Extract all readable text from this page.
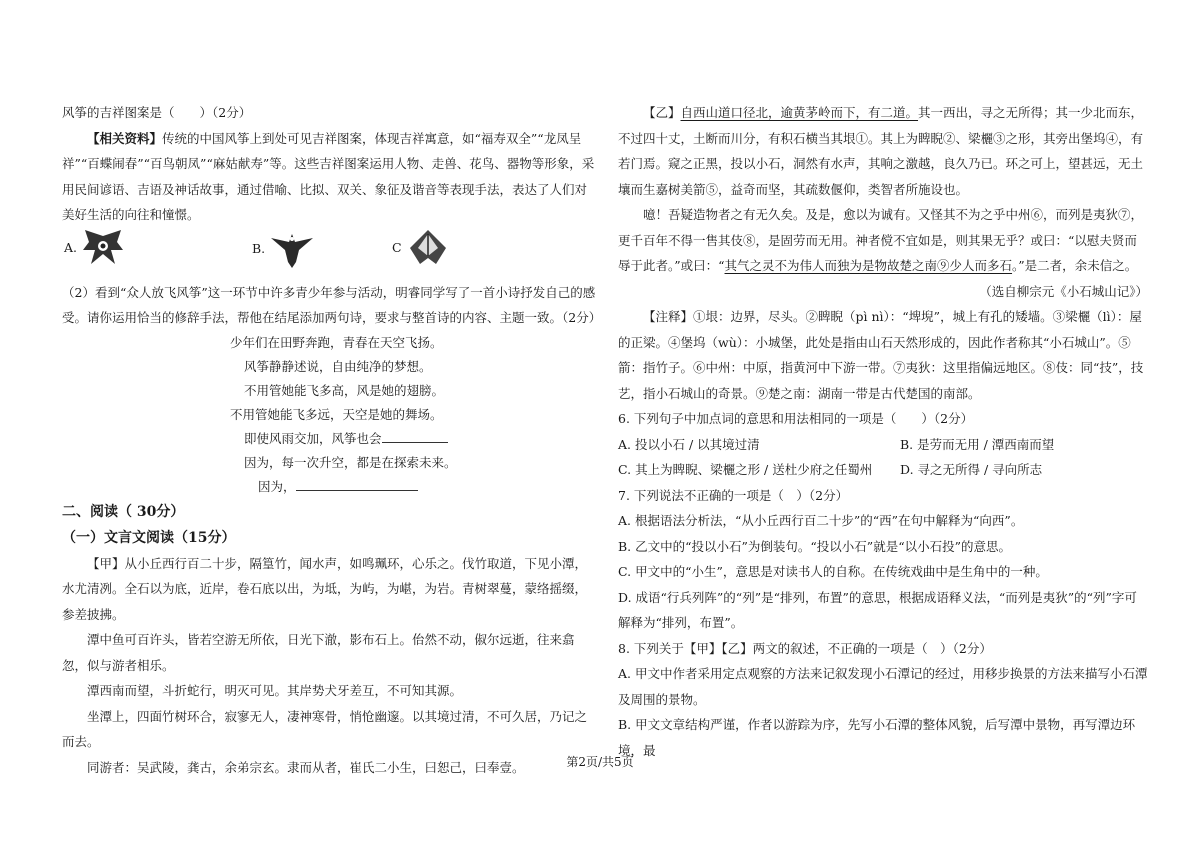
风筝的吉祥图案是（　　）（2分）

【相关资料】传统的中国风筝上到处可见吉祥图案，体现吉祥寓意，如“福寿双全”“龙凤呈祥”“百蝶闹春”“百鸟朝凤”“麻姑献寿”等。这些吉祥图案运用人物、走兽、花鸟、器物等形象，采用民间谚语、吉语及神话故事，通过借喻、比拟、双关、象征及谐音等表现手法，表达了人们对美好生活的向往和憧憬。

A.	B.	C

（2）看到“众人放飞风筝”这一环节中许多青少年参与活动，明睿同学写了一首小诗抒发自己的感受。请你运用恰当的修辞手法，帮他在结尾添加两句诗，要求与整首诗的内容、主题一致。（2分）

少年们在田野奔跑，青春在天空飞扬。

风筝静静述说，自由纯净的梦想。

不用管她能飞多高，风是她的翅膀。

不用管她能飞多远，天空是她的舞场。

即使风雨交加，风筝也会

因为，每一次升空，都是在探索未来。

因为，

二、阅读（ 30分）

（一）文言文阅读（15分）

【甲】从小丘西行百二十步，隔篁竹，闻水声，如鸣珮环，心乐之。伐竹取道，下见小潭，水尤清冽。全石以为底，近岸，卷石底以出，为坻，为屿，为嵁，为岩。青树翠蔓，蒙络摇缀，参差披拂。

潭中鱼可百许头，皆若空游无所依，日光下澈，影布石上。佁然不动，俶尔远逝，往来翕忽，似与游者相乐。

潭西南而望，斗折蛇行，明灭可见。其岸势犬牙差互，不可知其源。

坐潭上，四面竹树环合，寂寥无人，凄神寒骨，悄怆幽邃。以其境过清，不可久居，乃记之而去。

同游者：吴武陵，龚古，余弟宗玄。隶而从者，崔氏二小生，曰恕己，曰奉壹。

【乙】自西山道口径北，逾黄茅岭而下，有二道。其一西出，寻之无所得；其一少北而东，不过四十丈，土断而川分，有积石横当其垠①。其上为睥睨②、梁欐③之形，其旁出堡坞④，有若门焉。窥之正黑，投以小石，洞然有水声，其响之激越，良久乃已。环之可上，望甚远，无土壤而生嘉树美箭⑤，益奇而坚，其疏数偃仰，类智者所施设也。

噫！吾疑造物者之有无久矣。及是，愈以为诚有。又怪其不为之乎中州⑥，而列是夷狄⑦，更千百年不得一售其伎⑧，是固劳而无用。神者傥不宜如是，则其果无乎？或曰：“以慰夫贤而辱于此者。”或曰：“其气之灵不为伟人而独为是物故楚之南⑨少人而多石。”是二者，余未信之。

（选自柳宗元《小石城山记》）

【注释】①垠：边界，尽头。②睥睨（pì nì）：“埤堄”，城上有孔的矮墙。③梁欐（lì）：屋的正梁。④堡坞（wù）：小城堡，此处是指由山石天然形成的，因此作者称其“小石城山”。⑤箭：指竹子。⑥中州：中原，指黄河中下游一带。⑦夷狄：这里指偏远地区。⑧伎：同“技”，技艺，指小石城山的奇景。⑨楚之南：湖南一带是古代楚国的南部。

6. 下列句子中加点词的意思和用法相同的一项是（　　）（2分）

A. 投以小石 / 以其境过清	B. 是劳而无用 / 潭西南而望
C. 其上为睥睨、梁欐之形 / 送杜少府之任蜀州	D. 寻之无所得 / 寻向所志

7. 下列说法不正确的一项是（　）（2分）

A. 根据语法分析法，“从小丘西行百二十步”的“西”在句中解释为“向西”。

B. 乙文中的“投以小石”为倒装句。“投以小石”就是“以小石投”的意思。

C. 甲文中的“小生”，意思是对读书人的自称。在传统戏曲中是生角中的一种。

D. 成语“行兵列阵”的“列”是“排列，布置”的意思，根据成语释义法，“而列是夷狄”的“列”字可解释为“排列，布置”。

8. 下列关于【甲】【乙】两文的叙述，不正确的一项是（　）（2分）

A. 甲文中作者采用定点观察的方法来记叙发现小石潭记的经过，用移步换景的方法来描写小石潭及周围的景物。

B. 甲文文章结构严谨，作者以游踪为序，先写小石潭的整体风貌，后写潭中景物，再写潭边环境，最

第2页/共5页
